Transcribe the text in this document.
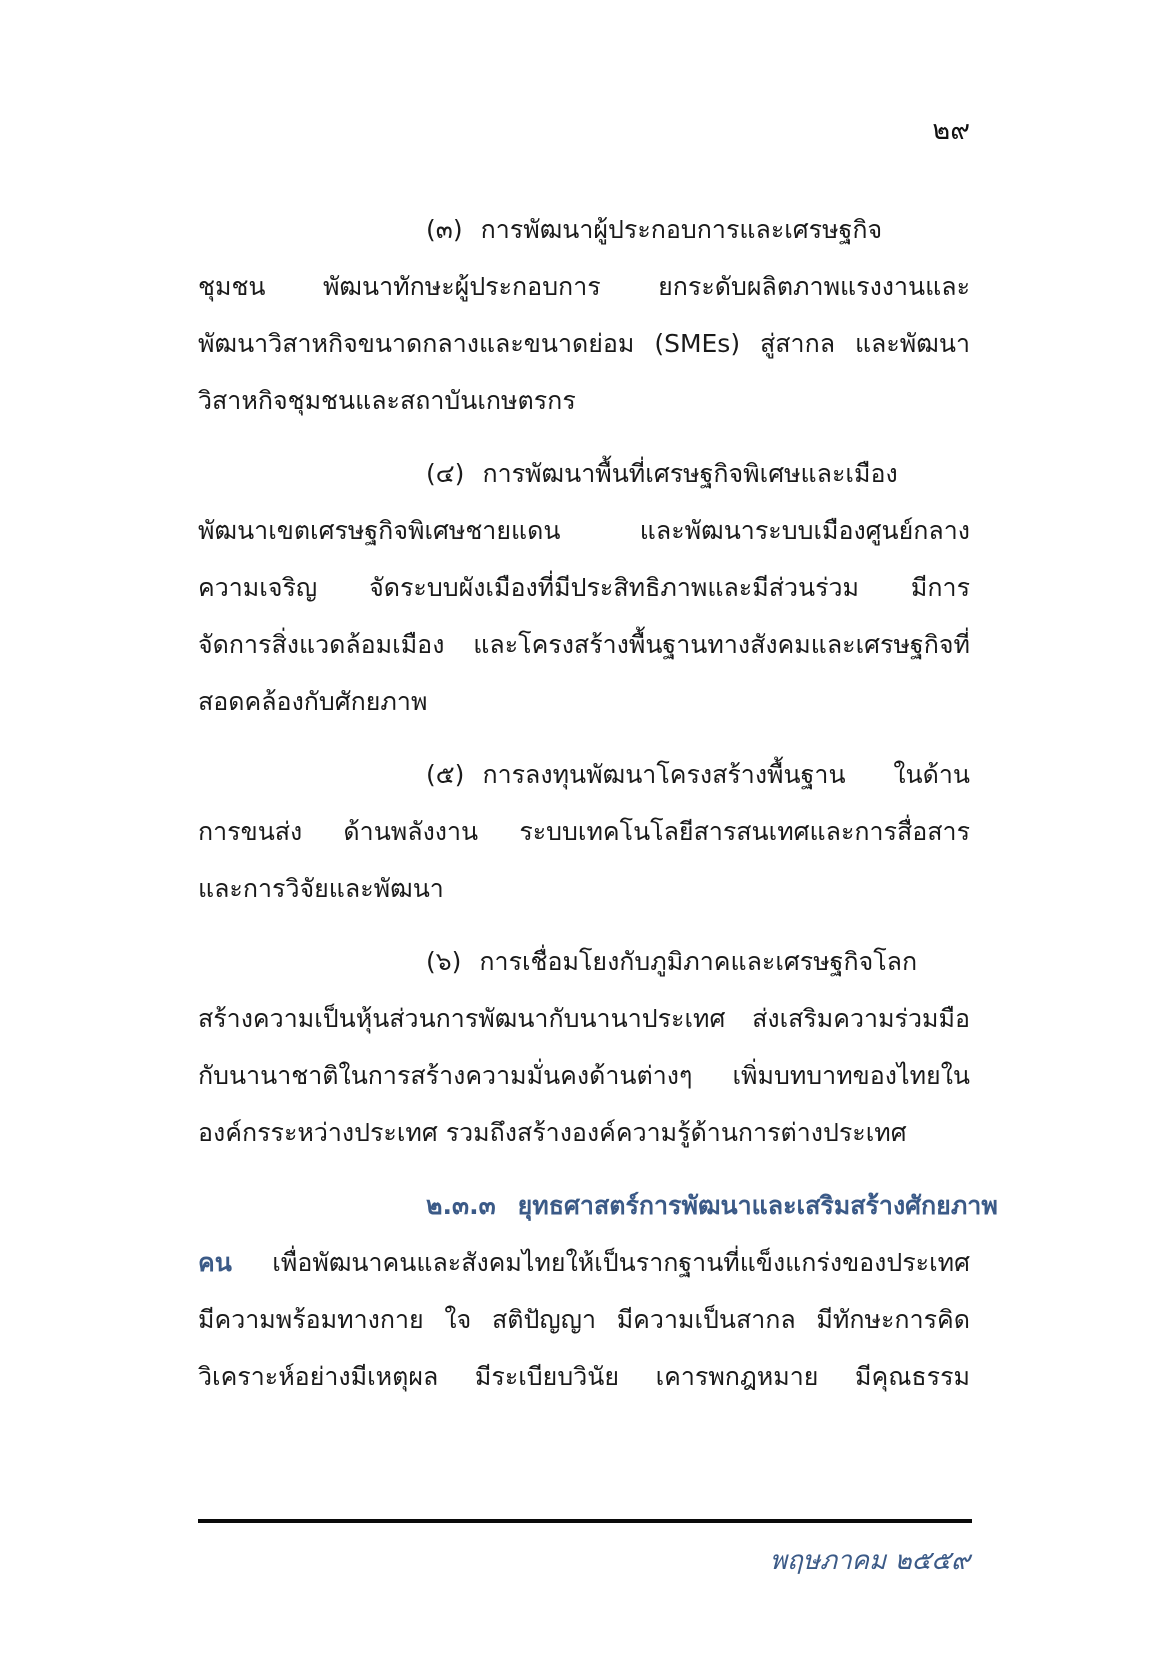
๒๙

(๓) การพัฒนาผู้ประกอบการและเศรษฐกิจ
ชุมชน พัฒนาทักษะผู้ประกอบการ ยกระดับผลิตภาพแรงงานและ
พัฒนาวิสาหกิจขนาดกลางและขนาดย่อม (SMEs) สู่สากล และพัฒนา
วิสาหกิจชุมชนและสถาบันเกษตรกร

(๔) การพัฒนาพื้นที่เศรษฐกิจพิเศษและเมือง
พัฒนาเขตเศรษฐกิจพิเศษชายแดน และพัฒนาระบบเมืองศูนย์กลาง
ความเจริญ จัดระบบผังเมืองที่มีประสิทธิภาพและมีส่วนร่วม มีการ
จัดการสิ่งแวดล้อมเมือง และโครงสร้างพื้นฐานทางสังคมและเศรษฐกิจที่
สอดคล้องกับศักยภาพ

(๕) การลงทุนพัฒนาโครงสร้างพื้นฐาน ในด้าน
การขนส่ง ด้านพลังงาน ระบบเทคโนโลยีสารสนเทศและการสื่อสาร
และการวิจัยและพัฒนา

(๖) การเชื่อมโยงกับภูมิภาคและเศรษฐกิจโลก
สร้างความเป็นหุ้นส่วนการพัฒนากับนานาประเทศ ส่งเสริมความร่วมมือ
กับนานาชาติในการสร้างความมั่นคงด้านต่างๆ เพิ่มบทบาทของไทยใน
องค์กรระหว่างประเทศ รวมถึงสร้างองค์ความรู้ด้านการต่างประเทศ

๒.๓.๓ ยุทธศาสตร์การพัฒนาและเสริมสร้างศักยภาพ
คน เพื่อพัฒนาคนและสังคมไทยให้เป็นรากฐานที่แข็งแกร่งของประเทศ
มีความพร้อมทางกาย ใจ สติปัญญา มีความเป็นสากล มีทักษะการคิด
วิเคราะห์อย่างมีเหตุผล มีระเบียบวินัย เคารพกฎหมาย มีคุณธรรม

พฤษภาคม ๒๕๕๙
